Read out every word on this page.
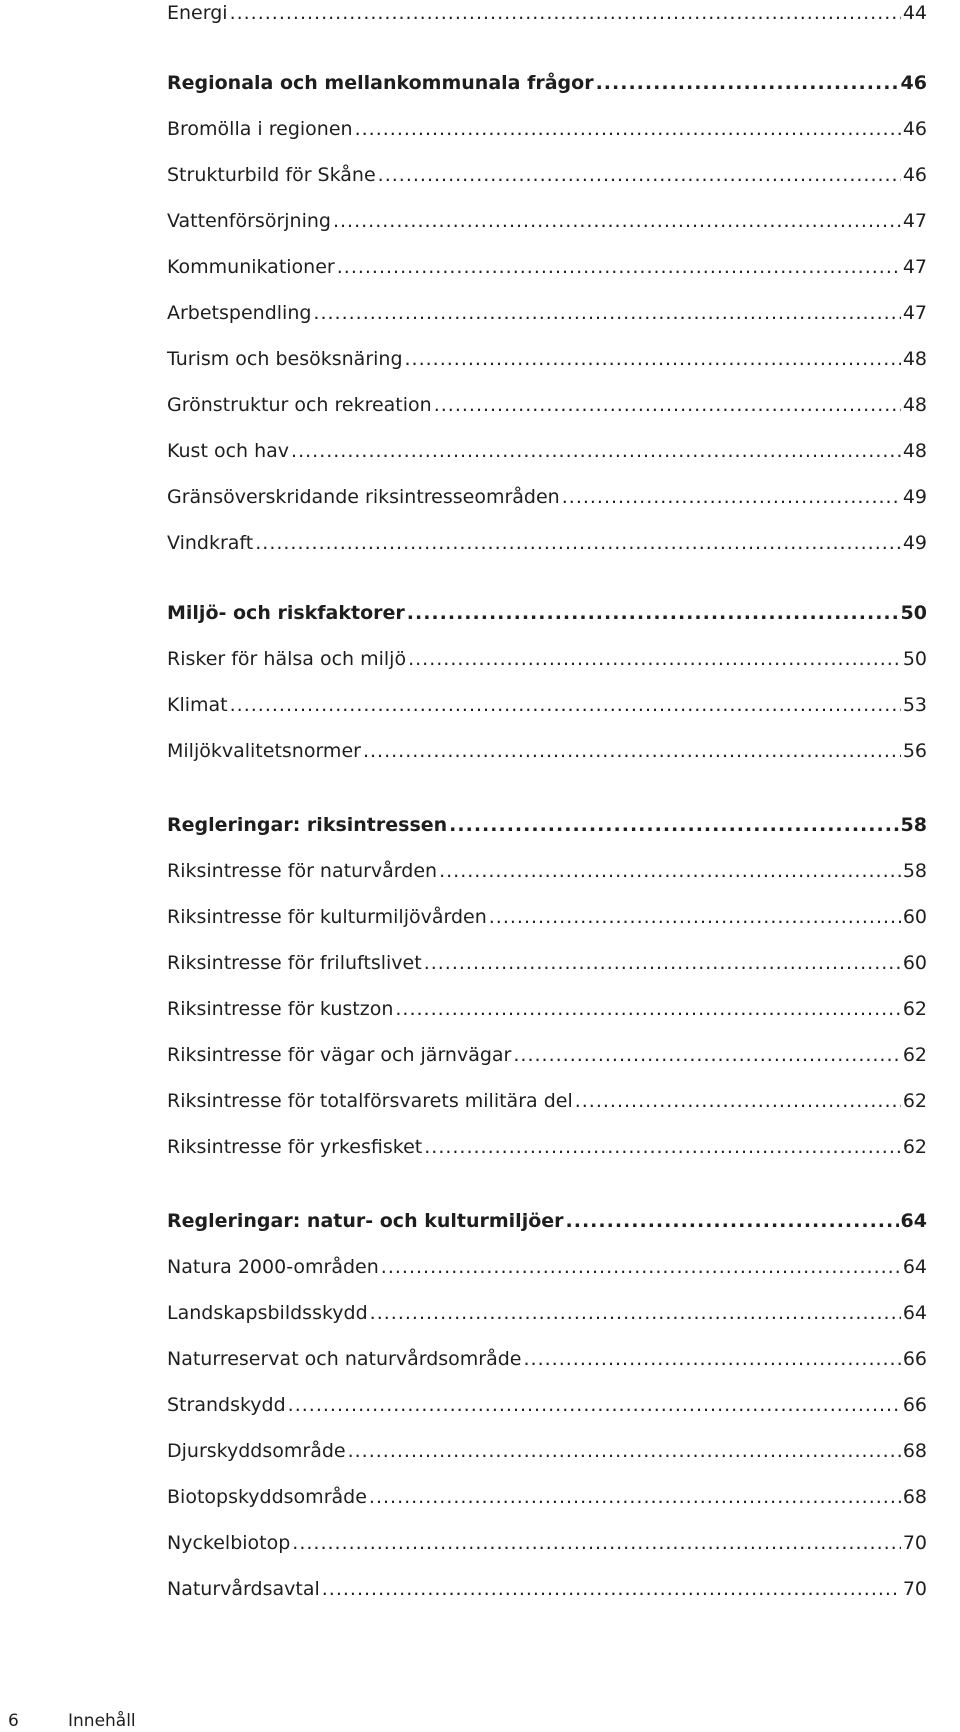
Energi .....	44
Regionala och mellankommunala frågor .....	46
Bromölla i regionen .....	46
Strukturbild för Skåne .....	46
Vattenförsörjning .....	47
Kommunikationer .....	47
Arbetspendling .....	47
Turism och besöksnäring .....	48
Grönstruktur och rekreation .....	48
Kust och hav .....	48
Gränsöverskridande riksintresseområden .....	49
Vindkraft .....	49
Miljö- och riskfaktorer .....	50
Risker för hälsa och miljö .....	50
Klimat .....	53
Miljökvalitetsnormer .....	56
Regleringar: riksintressen .....	58
Riksintresse för naturvården .....	58
Riksintresse för kulturmiljövården .....	60
Riksintresse för friluftslivet .....	60
Riksintresse för kustzon .....	62
Riksintresse för vägar och järnvägar .....	62
Riksintresse för totalförsvarets militära del .....	62
Riksintresse för yrkesfisket .....	62
Regleringar: natur- och kulturmiljöer .....	64
Natura 2000-områden .....	64
Landskapsbildsskydd .....	64
Naturreservat och naturvårdsområde .....	66
Strandskydd .....	66
Djurskyddsområde .....	68
Biotopskyddsområde .....	68
Nyckelbiotop .....	70
Naturvårdsavtal .....	70
6	Innehåll
